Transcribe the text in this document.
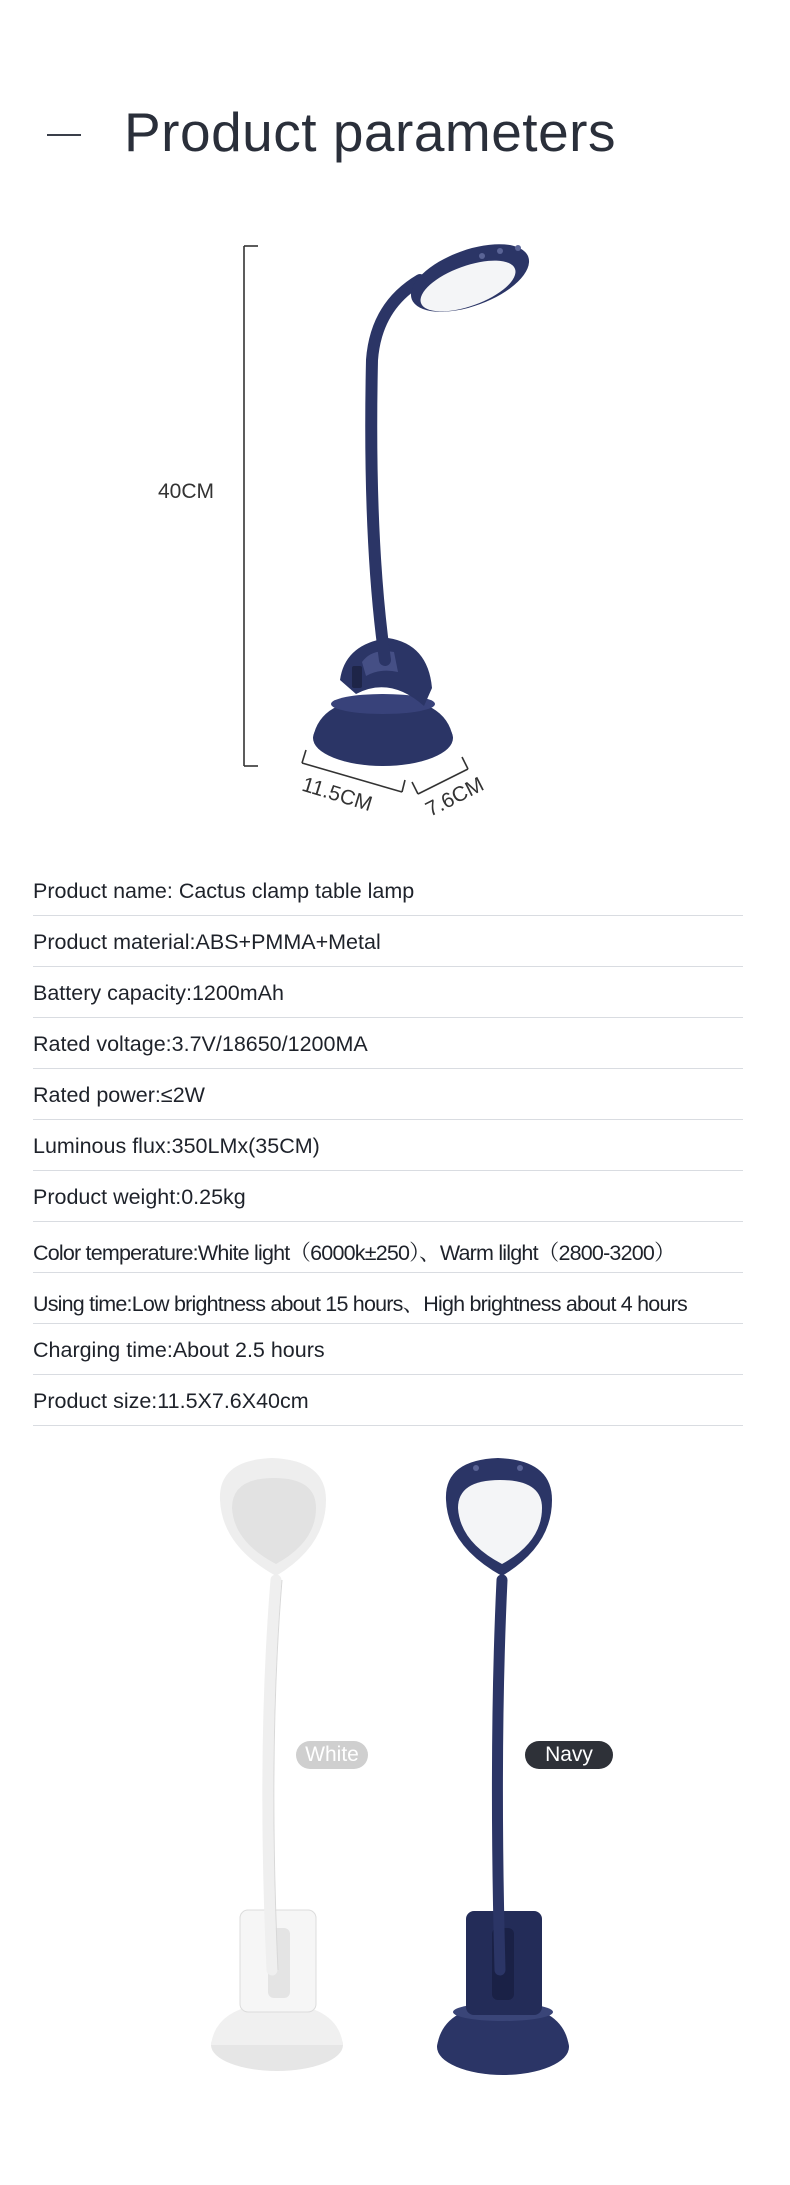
Product parameters
40CM
11.5CM 7.6CM
Product name: Cactus clamp table lamp
Product material:ABS+PMMA+Metal
Battery capacity:1200mAh
Rated voltage:3.7V/18650/1200MA
Rated power:≤2W
Luminous flux:350LMx(35CM)
Product weight:0.25kg
Color temperature:White light（6000k±250）、Warm lilght（2800-3200）
Using time:Low brightness about 15 hours、High brightness about 4 hours
Charging time:About 2.5 hours
Product size:11.5X7.6X40cm
White	Navy
